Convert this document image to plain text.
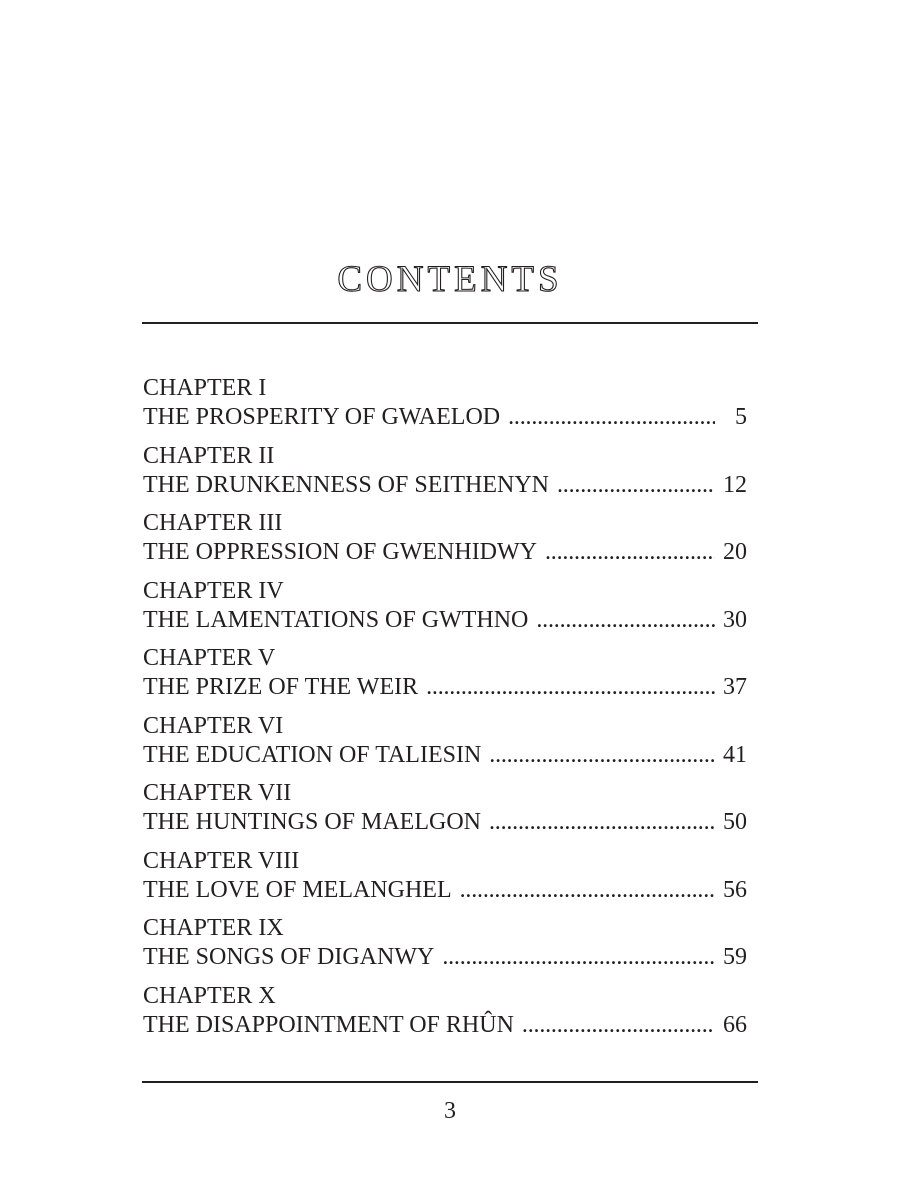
CONTENTS
CHAPTER I
THE PROSPERITY OF GWAELOD . . .	5
CHAPTER II
THE DRUNKENNESS OF SEITHENYN . . .	12
CHAPTER III
THE OPPRESSION OF GWENHIDWY . . .	20
CHAPTER IV
THE LAMENTATIONS OF GWTHNO . . .	30
CHAPTER V
THE PRIZE OF THE WEIR . . .	37
CHAPTER VI
THE EDUCATION OF TALIESIN . . .	41
CHAPTER VII
THE HUNTINGS OF MAELGON . . .	50
CHAPTER VIII
THE LOVE OF MELANGHEL . . .	56
CHAPTER IX
THE SONGS OF DIGANWY . . .	59
CHAPTER X
THE DISAPPOINTMENT OF RHÛN . . .	66
3
